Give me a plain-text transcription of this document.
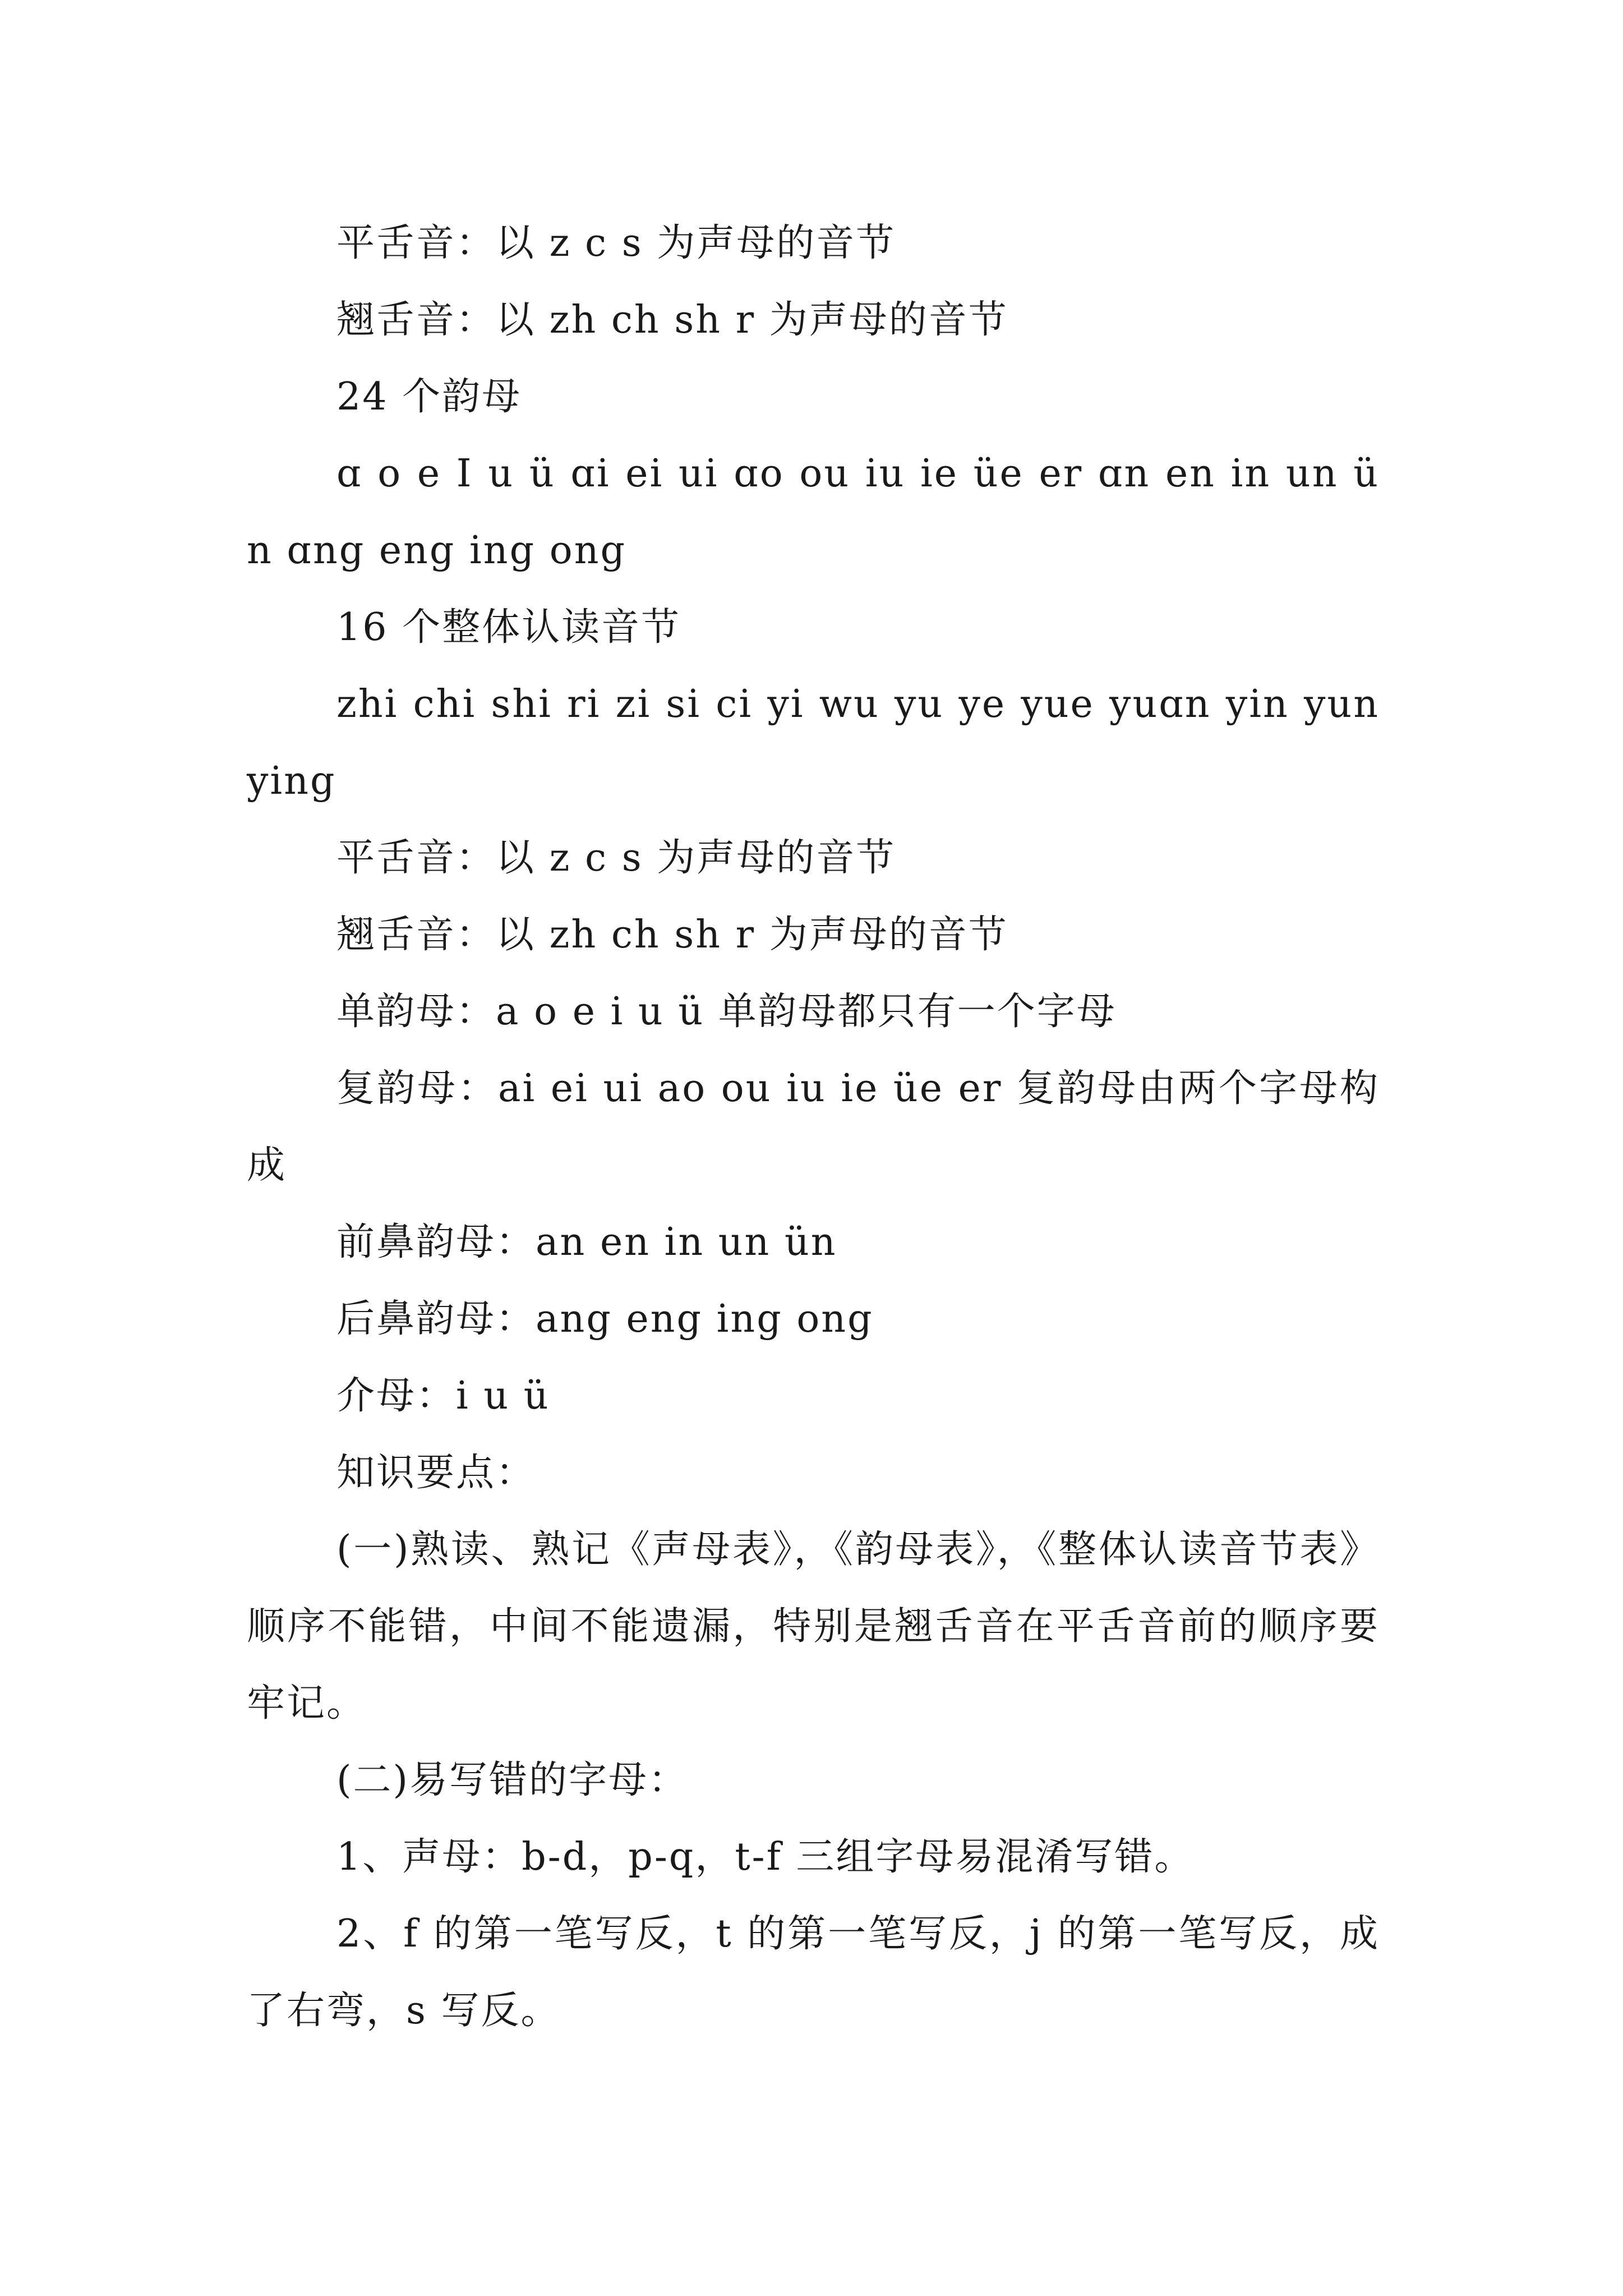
平舌音：以 z c s 为声母的音节

翘舌音：以 zh ch sh r 为声母的音节

24 个韵母

ɑ o e I u ü ɑi ei ui ɑo ou iu ie üe er ɑn en in un ün ɑng eng ing ong

16 个整体认读音节

zhi chi shi ri zi si ci yi wu yu ye yue yuɑn yin yun ying

平舌音：以 z c s 为声母的音节

翘舌音：以 zh ch sh r 为声母的音节

单韵母：a o e i u ü 单韵母都只有一个字母

复韵母：ai ei ui ao ou iu ie üe er 复韵母由两个字母构成

前鼻韵母：an en in un ün

后鼻韵母：ang eng ing ong

介母：i u ü

知识要点：

(一)熟读、熟记《声母表》，《韵母表》，《整体认读音节表》顺序不能错，中间不能遗漏，特别是翘舌音在平舌音前的顺序要牢记。

(二)易写错的字母：

1、声母：b-d，p-q，t-f 三组字母易混淆写错。

2、f 的第一笔写反，t 的第一笔写反，j 的第一笔写反，成了右弯，s 写反。
